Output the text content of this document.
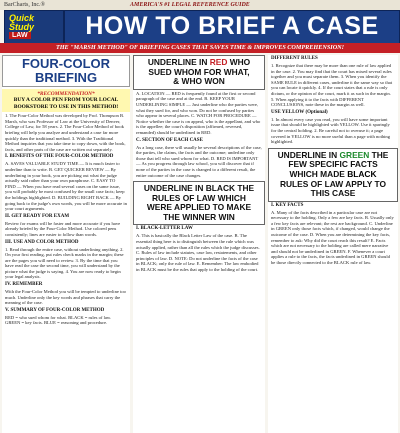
BarCharts, Inc.®	AMERICA'S #1 LEGAL REFERENCE GUIDE
Quick
Study
LAW	HOW TO BRIEF A CASE
THE "MARSH METHOD" OF BRIEFING CASES THAT SAVES TIME & IMPROVES COMPREHENSION!
FOUR-COLOR
BRIEFING
*RECOMMENDATION*
BUY A COLOR PEN FROM YOUR LOCAL BOOKSTORE TO USE IN THIS METHOD!
1. The Four-Color Method was developed by Prof. Thompson B. Marsh, who was Professor of Law at the University of Denver, College of Law, for 58 years. 2. The Four-Color Method of book briefing will help you analyze and understand a case far more quickly than the traditional method. 3. With the Traditional Method inquiries that you take time to copy down, with the book, facts, and other parts of the case are written out separately.
I. BENEFITS OF THE FOUR-COLOR METHOD
A. SAVES VALUABLE STUDY TIME — It is much faster to underline than to write. B. GET QUICKER REVIEW — By underlining in your book, you are picking out what the judge actually said rather than your own paraphrase. C. EASY TO FIND — When you have read several cases on the same issue, you will probably be most confused by the small case facts; keep the holdings highlighted. D. BUILDING RIGHT BACK — By going back to the judge's own words, you will be more accurate in your court arguments.
II. GET READY FOR EXAM
Review for exams will be faster and more accurate if you have already briefed by the Four-Color Method. Use colored pens consistently; lines are easier to follow than words.
III. USE AND COLOR METHOD
1. Read through the entire case, without underlining anything. 2. On your first reading, put rules check marks in the margin; these are the pages you will need to review. 3. By the time that you have read the case the second time, you will understand by the picture what the judge is saying. 4. You are now ready to begin your legal analysis.
IV. REMEMBER
With the Four-Color Method you will be tempted to underline too much. Underline only the key words and phrases that carry the meaning of the case.
V. SUMMARY OF FOUR-COLOR METHOD
RED = who sued whom for what. BLACK = rules of law. GREEN = key facts. BLUE = reasoning and procedure.
UNDERLINE IN RED WHO
SUED WHOM FOR WHAT,
& WHO WON
A. LOCATION — RED is frequently found at the first or second paragraph of the case and at the end. B. KEEP YOUR UNDERLINING SIMPLE — Just underline who the parties were, what they sued for, and who won. Do not be confused by parties who appear in several places. C. WATCH FOR PROCEDURE — Notice whether the case is on appeal, who is the appellant, and who is the appellee; the court's disposition (affirmed, reversed, remanded) should be underlined in RED.
C. SECTION OF EACH CASE
As a long case, there will usually be several descriptions of the case, the parties, the claims, the facts and the outcome; underline only those that tell who sued whom for what. D. RED IS IMPORTANT — As you progress through law school, you will discover that if none of the parties in the case is changed to a different result, the entire outcome of the case changes.
UNDERLINE IN BLACK THE
RULES OF LAW WHICH
WERE APPLIED TO MAKE
THE WINNER WIN
I. BLACK-LETTER LAW
A. This is basically the Black Letter Law of the case. B. The essential thing here is to distinguish between the rule which was actually applied, rather than all the rules which the judge discusses. C. Rules of law include statutes, case law, restatements, and other principles of law. D. NOTE: Do not underline the facts of the case in BLACK; only the rule of law. E. Remember: The law embodied in BLACK must be the rules that apply to the holding of the court.
DIFFERENT RULES
1. Recognize that there may be more than one rule of law applied in the case. 2. You may find that the court has mixed several rules together and you must separate them. 3. When you identify the SAME RULE in different cases, underline it the same way so that you can locate it quickly. 4. If the court states that a rule is only dictum, or the opinion of the court, mark it as such in the margin. 5. When applying it to the facts with DIFFERENT CONCLUSIONS, note these in the margin as well.
USE YELLOW (Optional)
1. In almost every case you read, you will have some important issue that should be highlighted with YELLOW. Use it sparingly for the central holding. 2. Be careful not to overuse it; a page covered in YELLOW is no more useful than a page with nothing highlighted.
UNDERLINE IN GREEN THE
FEW SPECIFIC FACTS
WHICH MADE BLACK
RULES OF LAW APPLY TO
THIS CASE
I. KEY FACTS
A. Many of the facts described in a particular case are not necessary to the holding. Only a few are key facts. B. Usually only a few key facts are relevant; the rest are background. C. Underline in GREEN only those facts which, if changed, would change the outcome of the case. D. When you are determining the key facts, remember to ask: Why did the court reach this result? E. Facts which are not necessary to the holding are called mere narrative and should not be underlined in GREEN. F. Whenever a court applies a rule to the facts, the facts underlined in GREEN should be those directly connected to the BLACK rule of law.
